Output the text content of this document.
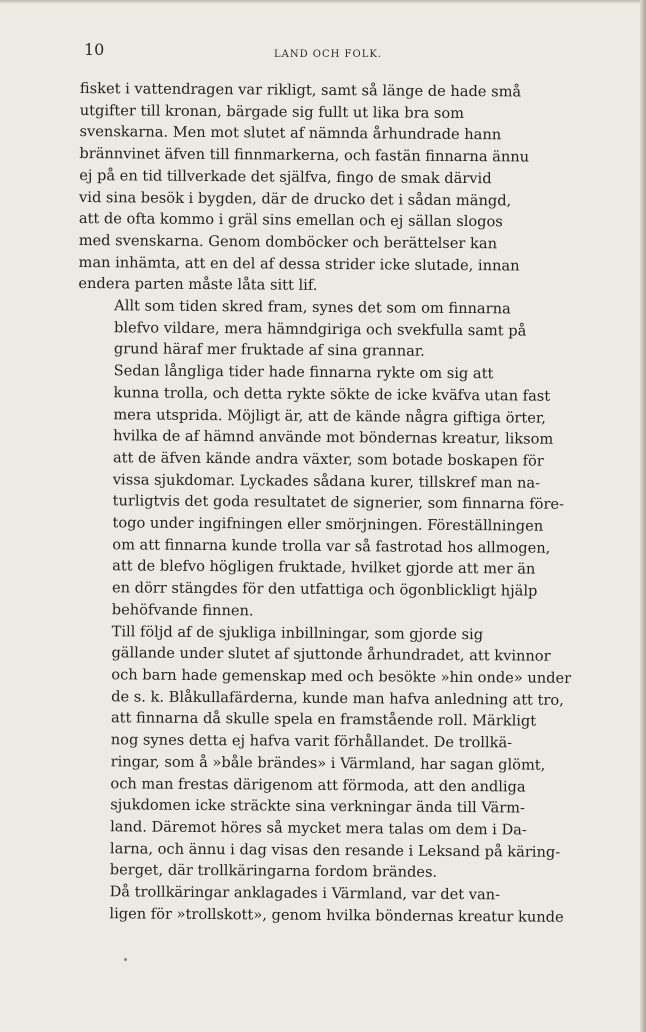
10	LAND OCH FOLK.

fisket i vattendragen var rikligt, samt så länge de hade små
utgifter till kronan, bärgade sig fullt ut lika bra som
svenskarna. Men mot slutet af nämnda århundrade hann
brännvinet äfven till finnmarkerna, och fastän finnarna ännu
ej på en tid tillverkade det själfva, fingo de smak därvid
vid sina besök i bygden, där de drucko det i sådan mängd,
att de ofta kommo i gräl sins emellan och ej sällan slogos
med svenskarna. Genom domböcker och berättelser kan
man inhämta, att en del af dessa strider icke slutade, innan
endera parten måste låta sitt lif.

Allt som tiden skred fram, synes det som om finnarna
blefvo vildare, mera hämndgiriga och svekfulla samt på
grund häraf mer fruktade af sina grannar.

Sedan långliga tider hade finnarna rykte om sig att
kunna trolla, och detta rykte sökte de icke kväfva utan fast
mera utsprida. Möjligt är, att de kände några giftiga örter,
hvilka de af hämnd använde mot böndernas kreatur, liksom
att de äfven kände andra växter, som botade boskapen för
vissa sjukdomar. Lyckades sådana kurer, tillskref man na-
turligtvis det goda resultatet de signerier, som finnarna före-
togo under ingifningen eller smörjningen. Föreställningen
om att finnarna kunde trolla var så fastrotad hos allmogen,
att de blefvo högligen fruktade, hvilket gjorde att mer än
en dörr stängdes för den utfattiga och ögonblickligt hjälp
behöfvande finnen.

Till följd af de sjukliga inbillningar, som gjorde sig
gällande under slutet af sjuttonde århundradet, att kvinnor
och barn hade gemenskap med och besökte »hin onde» under
de s. k. Blåkullafärderna, kunde man hafva anledning att tro,
att finnarna då skulle spela en framstående roll. Märkligt
nog synes detta ej hafva varit förhållandet. De trollkä-
ringar, som å »båle brändes» i Värmland, har sagan glömt,
och man frestas därigenom att förmoda, att den andliga
sjukdomen icke sträckte sina verkningar ända till Värm-
land. Däremot höres så mycket mera talas om dem i Da-
larna, och ännu i dag visas den resande i Leksand på käring-
berget, där trollkäringarna fordom brändes.

Då trollkäringar anklagades i Värmland, var det van-
ligen för »trollskott», genom hvilka böndernas kreatur kunde
